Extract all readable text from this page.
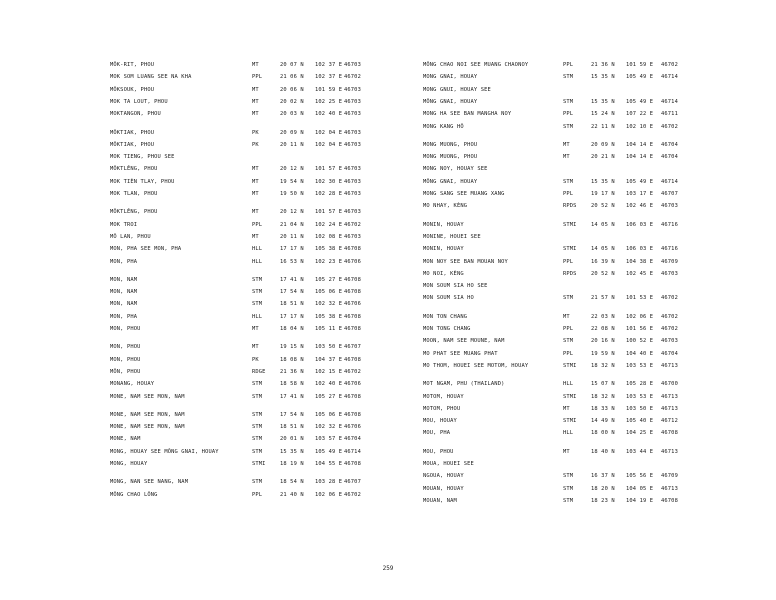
MÔK-RIT, PHOU	MT	20 07 N 102 37 E 46703
MOK SOM LUANG SEE NA KHA	PPL	21 06 N 102 37 E 46702
MÔKSOUK, PHOU	MT	20 06 N 101 59 E 46703
MOK TA LOUT, PHOU	MT	20 02 N 102 25 E 46703
MOKTANGON, PHOU	MT	20 03 N 102 40 E 46703
MÔKTIAK, PHOU	PK	20 09 N 102 04 E 46703
MÔKTIAK, PHOU	PK	20 11 N 102 04 E 46703
MOK TIENG, PHOU SEE
MÔKTLÊNG, PHOU	MT	20 12 N 101 57 E 46703
MOK TIÈN TLAY, PHOU	MT	19 54 N 102 30 E 46703
MOK TLAN, PHOU	MT	19 50 N 102 28 E 46703
MÔKTLÊNG, PHOU	MT	20 12 N 101 57 E 46703
MOK TROI	PPL	21 04 N 102 24 E 46702
MÔ LAN, PHOU	MT	20 11 N 102 08 E 46703
MON, PHA SEE MON, PHA	HLL	17 17 N 105 38 E 46708
MON, PHA	HLL	16 53 N 102 23 E 46706
MON, NAM	STM	17 41 N 105 27 E 46708
MON, NAM	STM	17 54 N 105 06 E 46708
MON, NAM	STM	18 51 N 102 32 E 46706
MON, PHA	HLL	17 17 N 105 38 E 46708
MON, PHOU	MT	18 04 N 105 11 E 46708
MON, PHOU	MT	19 15 N 103 50 E 46707
MON, PHOU	PK	18 08 N 104 37 E 46708
MÔN, PHOU	RDGE	21 36 N 102 15 E 46702
MONANG, HOUAY	STM	18 58 N 102 40 E 46706
MONE, NAM SEE MON, NAM	STM	17 41 N 105 27 E 46708
MONE, NAM SEE MON, NAM	STM	17 54 N 105 06 E 46708
MONE, NAM SEE MON, NAM	STM	18 51 N 102 32 E 46706
MONE, NAM	STM	20 01 N 103 57 E 46704
MONG, HOUAY SEE MÔNG GNAI, HOUAY	STM	15 35 N 105 49 E 46714
MONG, HOUAY	STMI	18 19 N 104 55 E 46708
MONG, NAN SEE NANG, NAM	STM	18 54 N 103 28 E 46707
MÔNG CHAO LÔNG	PPL	21 40 N 102 06 E 46702
MÔNG CHAO NOI SEE MUANG CHAONOY	PPL	21 36 N 101 59 E 46702
MONG GNAI, HOUAY	STM	15 35 N 105 49 E 46714
MONG GNUI, HOUAY SEE
MÔNG GNAI, HOUAY	STM	15 35 N 105 49 E 46714
MONG HA SEE BAN MANGHA NOY	PPL	15 24 N 107 22 E 46711
MONG KANG HÔ	STM	22 11 N 102 10 E 46702
MONG MUONG, PHOU	MT	20 09 N 104 14 E 46704
MONG MUONG, PHOU	MT	20 21 N 104 14 E 46704
MONG NOY, HOUAY SEE
MÔNG GNAI, HOUAY	STM	15 35 N 105 49 E 46714
MONG SANG SEE MUANG XANG	PPL	19 17 N 103 17 E 46707
MO NHAY, KÈNG	RPDS	20 52 N 102 46 E 46703
MONIN, HOUAY	STMI	14 05 N 106 03 E 46716
MONINE, HOUEI SEE
MONIN, HOUAY	STMI	14 05 N 106 03 E 46716
MON NOY SEE BAN MOUAN NOY	PPL	16 39 N 104 38 E 46709
MO NOI, KÈNG	RPDS	20 52 N 102 45 E 46703
MON SOUM SIA HO SEE
MON SOUM SIA HO	STM	21 57 N 101 53 E 46702
MON TON CHANG	MT	22 03 N 102 06 E 46702
MON TONG CHANG	PPL	22 08 N 101 56 E 46702
MOON, NAM SEE MOUNE, NAM	STM	20 16 N 100 52 E 46703
MO PHAT SEE MUANG PHAT	PPL	19 59 N 104 40 E 46704
MO THOM, HOUEI SEE MOTOM, HOUAY	STMI	18 32 N 103 53 E 46713
MOT NGAM, PHU (THAILAND)	HLL	15 07 N 105 28 E 46700
MOTOM, HOUAY	STMI	18 32 N 103 53 E 46713
MOTOM, PHOU	MT	18 33 N 103 50 E 46713
MOU, HOUAY	STMI	14 49 N 105 40 E 46712
MOU, PHA	HLL	18 00 N 104 25 E 46708
MOU, PHOU	MT	18 40 N 103 44 E 46713
MOUA, HOUEI SEE
NGOUA, HOUAY	STM	16 37 N 105 56 E 46709
MOUAN, HOUAY	STM	18 20 N 104 05 E 46713
MOUAN, NAM	STM	18 23 N 104 19 E 46708
259
